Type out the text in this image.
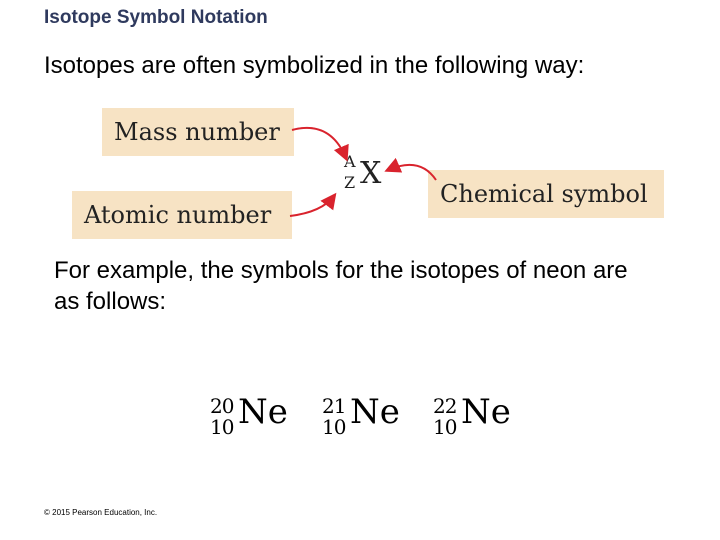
Isotope Symbol Notation
Isotopes are often symbolized in the following way:
Mass number
Atomic number
Chemical symbol
A
Z X
For example, the symbols for the isotopes of neon are as follows:
20
10 Ne 21
10 Ne 22
10 Ne
© 2015 Pearson Education, Inc.
